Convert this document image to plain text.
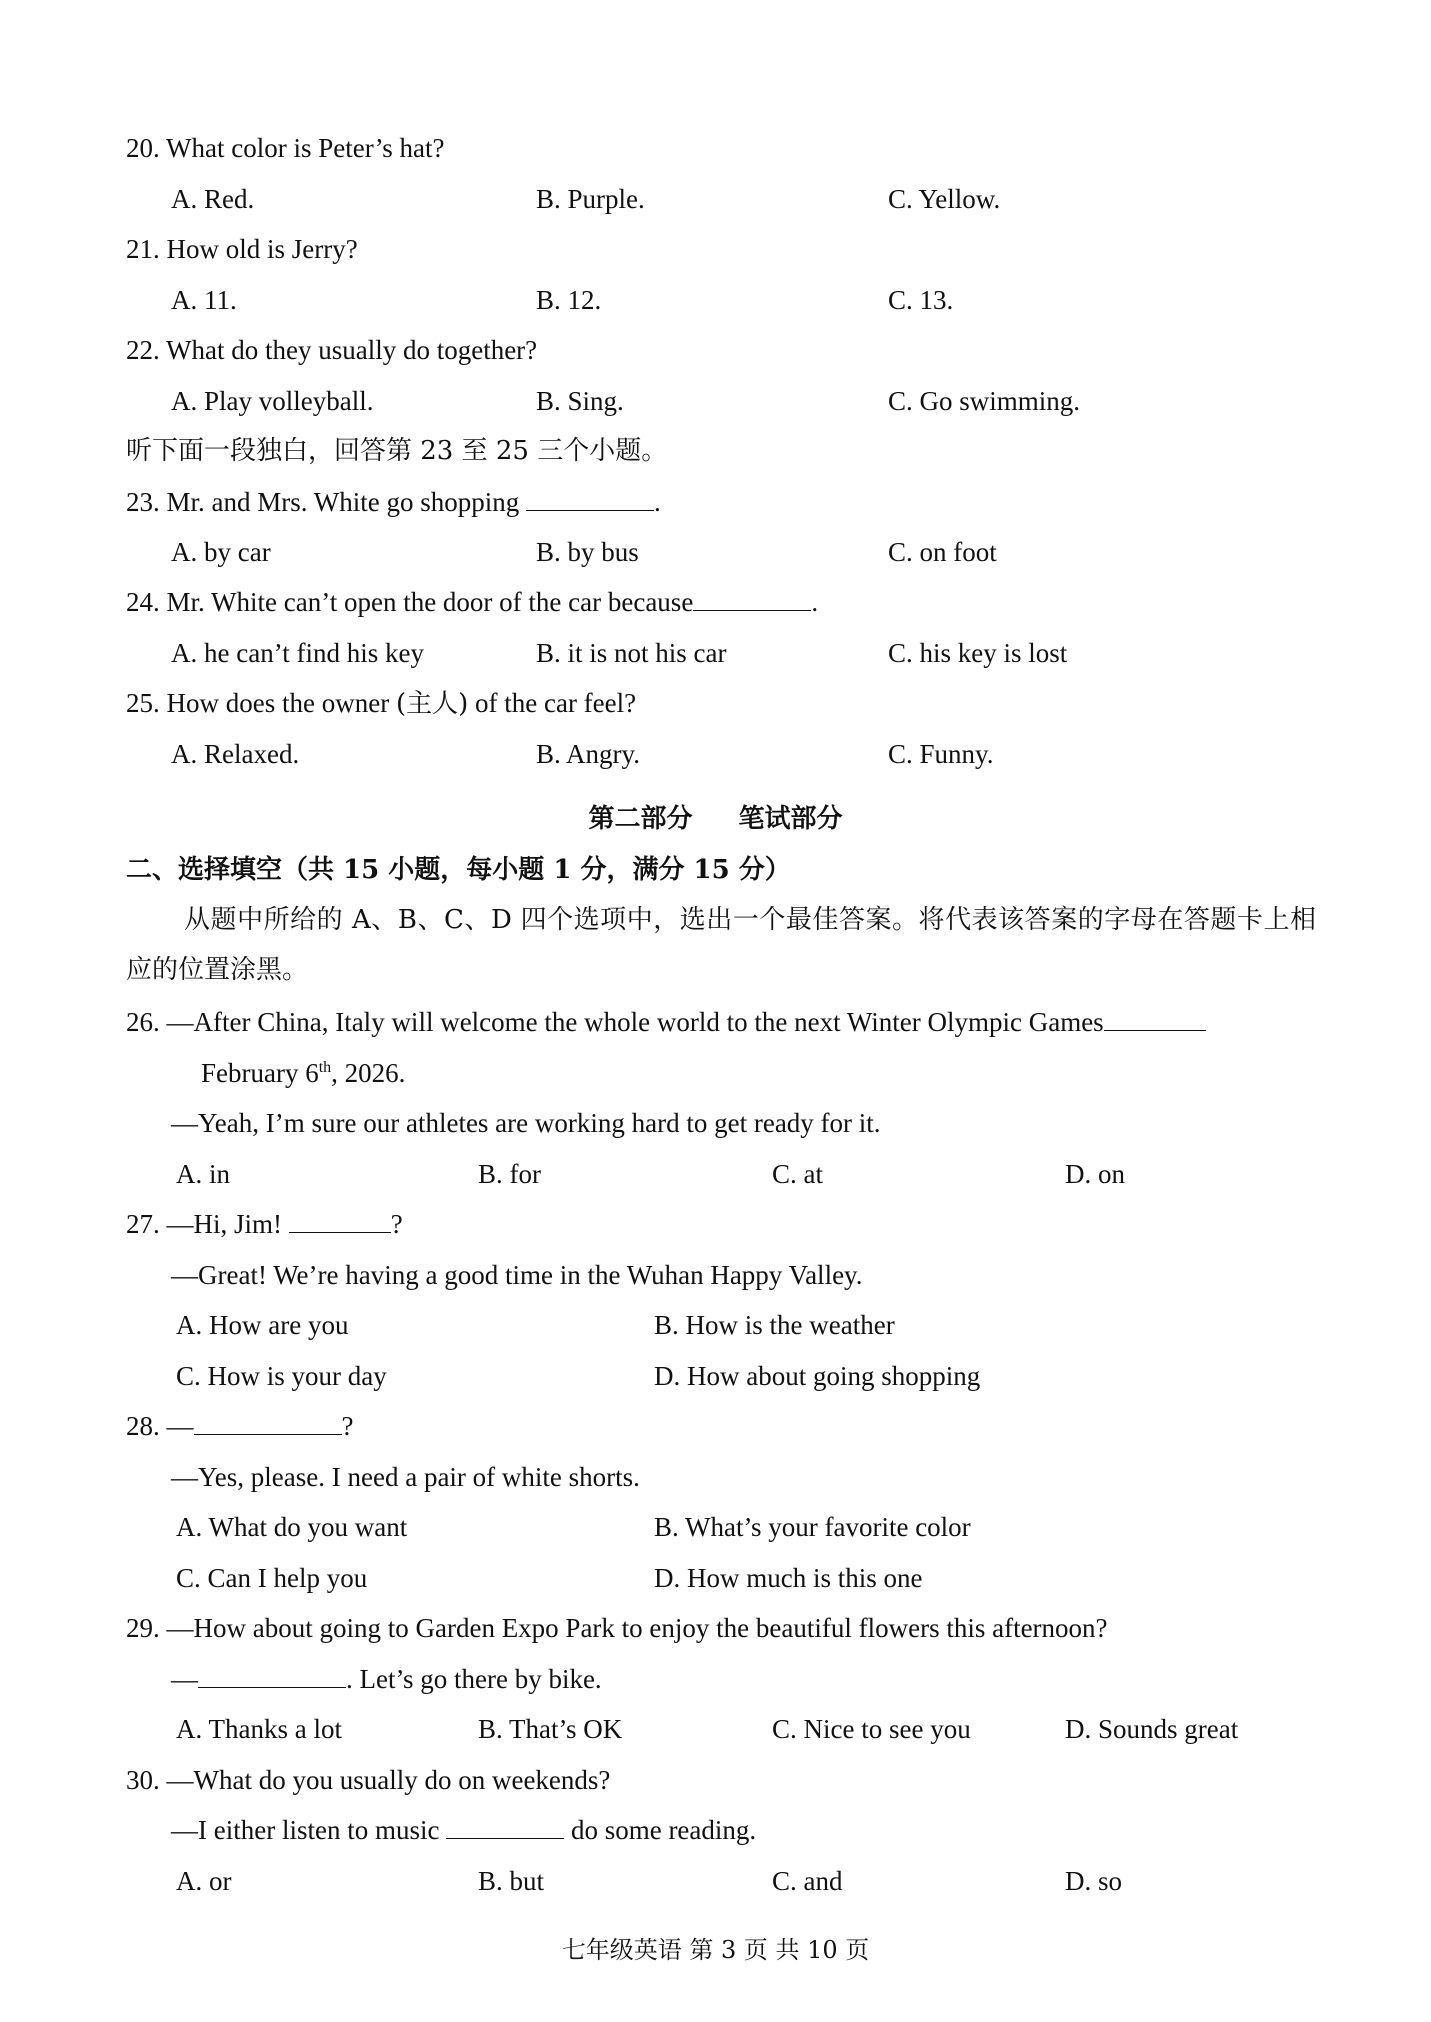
20. What color is Peter’s hat?
A. Red.	B. Purple.	C. Yellow.
21. How old is Jerry?
A. 11.	B. 12.	C. 13.
22. What do they usually do together?
A. Play volleyball.	B. Sing.	C. Go swimming.
听下面一段独白，回答第 23 至 25 三个小题。
23. Mr. and Mrs. White go shopping	.
A. by car	B. by bus	C. on foot
24. Mr. White can’t open the door of the car because	.
A. he can’t find his key	B. it is not his car	C. his key is lost
25. How does the owner (主人) of the car feel?
A. Relaxed.	B. Angry.	C. Funny.
第二部分 笔试部分
二、选择填空（共 15 小题，每小题 1 分，满分 15 分）
从题中所给的 A、B、C、D 四个选项中，选出一个最佳答案。将代表该答案的字母在答题卡上相应的位置涂黑。
26. —After China, Italy will welcome the whole world to the next Winter Olympic Games
February 6th, 2026.
—Yeah, I’m sure our athletes are working hard to get ready for it.
A. in	B. for	C. at	D. on
27. —Hi, Jim!	?
—Great! We’re having a good time in the Wuhan Happy Valley.
A. How are you	B. How is the weather
C. How is your day	D. How about going shopping
28. —	?
—Yes, please. I need a pair of white shorts.
A. What do you want	B. What’s your favorite color
C. Can I help you	D. How much is this one
29. —How about going to Garden Expo Park to enjoy the beautiful flowers this afternoon?
—	. Let’s go there by bike.
A. Thanks a lot	B. That’s OK	C. Nice to see you	D. Sounds great
30. —What do you usually do on weekends?
—I either listen to music	do some reading.
A. or	B. but	C. and	D. so
七年级英语 第 3 页 共 10 页
